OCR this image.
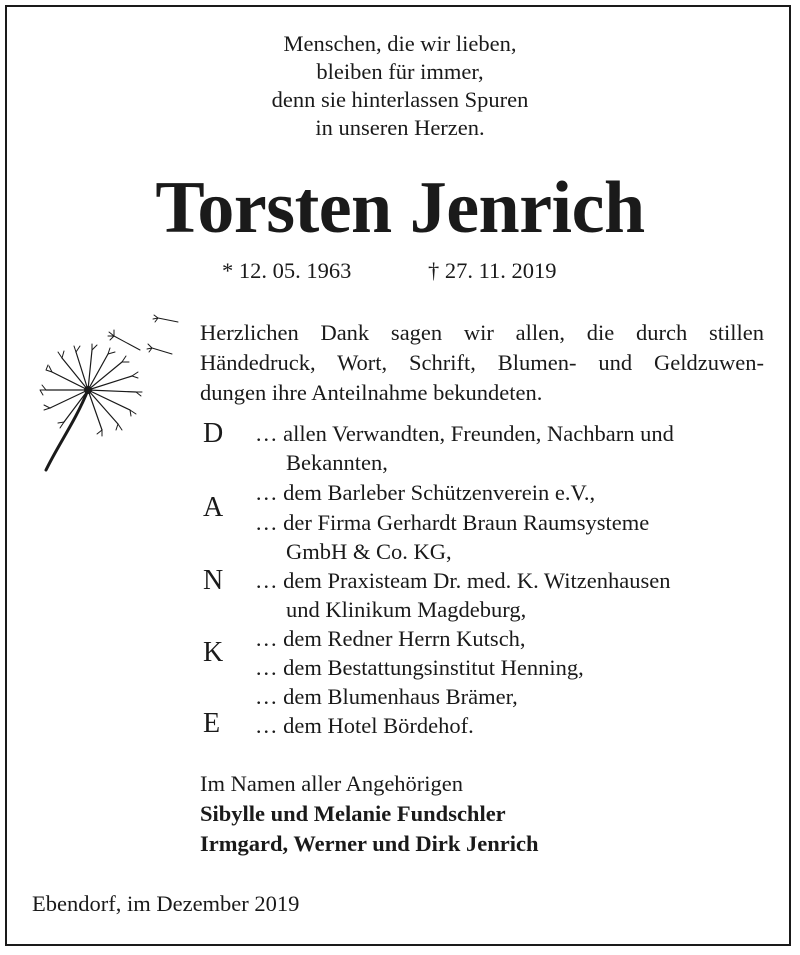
Menschen, die wir lieben,
bleiben für immer,
denn sie hinterlassen Spuren
in unseren Herzen.
Torsten Jenrich
* 12. 05. 1963	† 27. 11. 2019
Herzlichen Dank sagen wir allen, die durch stillen
Händedruck, Wort, Schrift, Blumen- und Geldzuwen-
dungen ihre Anteilnahme bekundeten.
D
A
N
K
E
… allen Verwandten, Freunden, Nachbarn und
Bekannten,
… dem Barleber Schützenverein e.V.,
… der Firma Gerhardt Braun Raumsysteme
GmbH & Co. KG,
… dem Praxisteam Dr. med. K. Witzenhausen
und Klinikum Magdeburg,
… dem Redner Herrn Kutsch,
… dem Bestattungsinstitut Henning,
… dem Blumenhaus Brämer,
… dem Hotel Bördehof.
Im Namen aller Angehörigen
Sibylle und Melanie Fundschler
Irmgard, Werner und Dirk Jenrich
Ebendorf, im Dezember 2019
